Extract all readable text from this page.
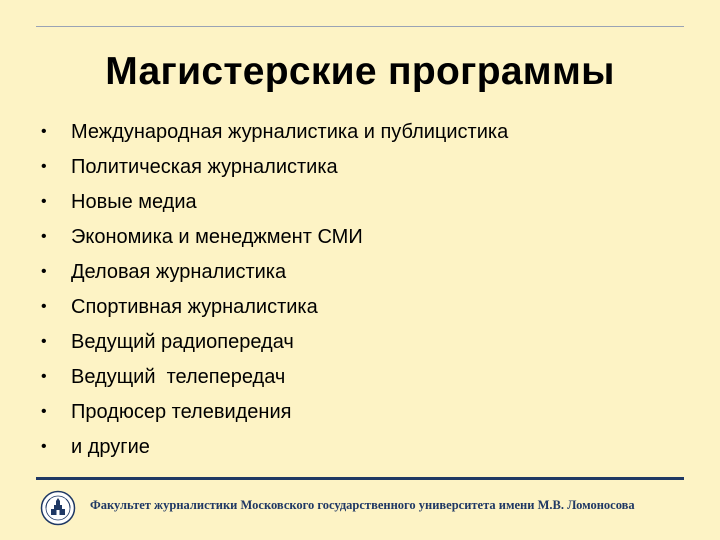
Магистерские программы
• Международная журналистика и публицистика
• Политическая журналистика
• Новые медиа
• Экономика и менеджмент СМИ
• Деловая журналистика
• Спортивная журналистика
• Ведущий радиопередач
• Ведущий  телепередач
• Продюсер телевидения
• и другие
Факультет журналистики Московского государственного университета имени М.В. Ломоносова
